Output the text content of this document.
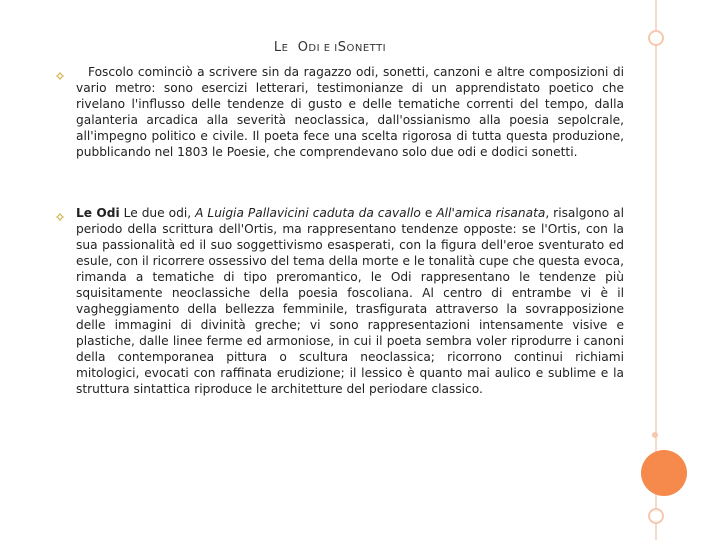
LE ODI E ISONETTI
Foscolo cominciò a scrivere sin da ragazzo odi, sonetti, canzoni e altre composizioni di vario metro: sono esercizi letterari, testimonianze di un apprendistato poetico che rivelano l'influsso delle tendenze di gusto e delle tematiche correnti del tempo, dalla galanteria arcadica alla severità neoclassica, dall'ossianismo alla poesia sepolcrale, all'impegno politico e civile. Il poeta fece una scelta rigorosa di tutta questa produzione, pubblicando nel 1803 le Poesie, che comprendevano solo due odi e dodici sonetti.
Le Odi Le due odi, A Luigia Pallavicini caduta da cavallo e All'amica risanata, risalgono al periodo della scrittura dell'Ortis, ma rappresentano tendenze opposte: se l'Ortis, con la sua passionalità ed il suo soggettivismo esasperati, con la figura dell'eroe sventurato ed esule, con il ricorrere ossessivo del tema della morte e le tonalità cupe che questa evoca, rimanda a tematiche di tipo preromantico, le Odi rappresentano le tendenze più squisitamente neoclassiche della poesia foscoliana. Al centro di entrambe vi è il vagheggiamento della bellezza femminile, trasfigurata attraverso la sovrapposizione delle immagini di divinità greche; vi sono rappresentazioni intensamente visive e plastiche, dalle linee ferme ed armoniose, in cui il poeta sembra voler riprodurre i canoni della contemporanea pittura o scultura neoclassica; ricorrono continui richiami mitologici, evocati con raffinata erudizione; il lessico è quanto mai aulico e sublime e la struttura sintattica riproduce le architetture del periodare classico.
